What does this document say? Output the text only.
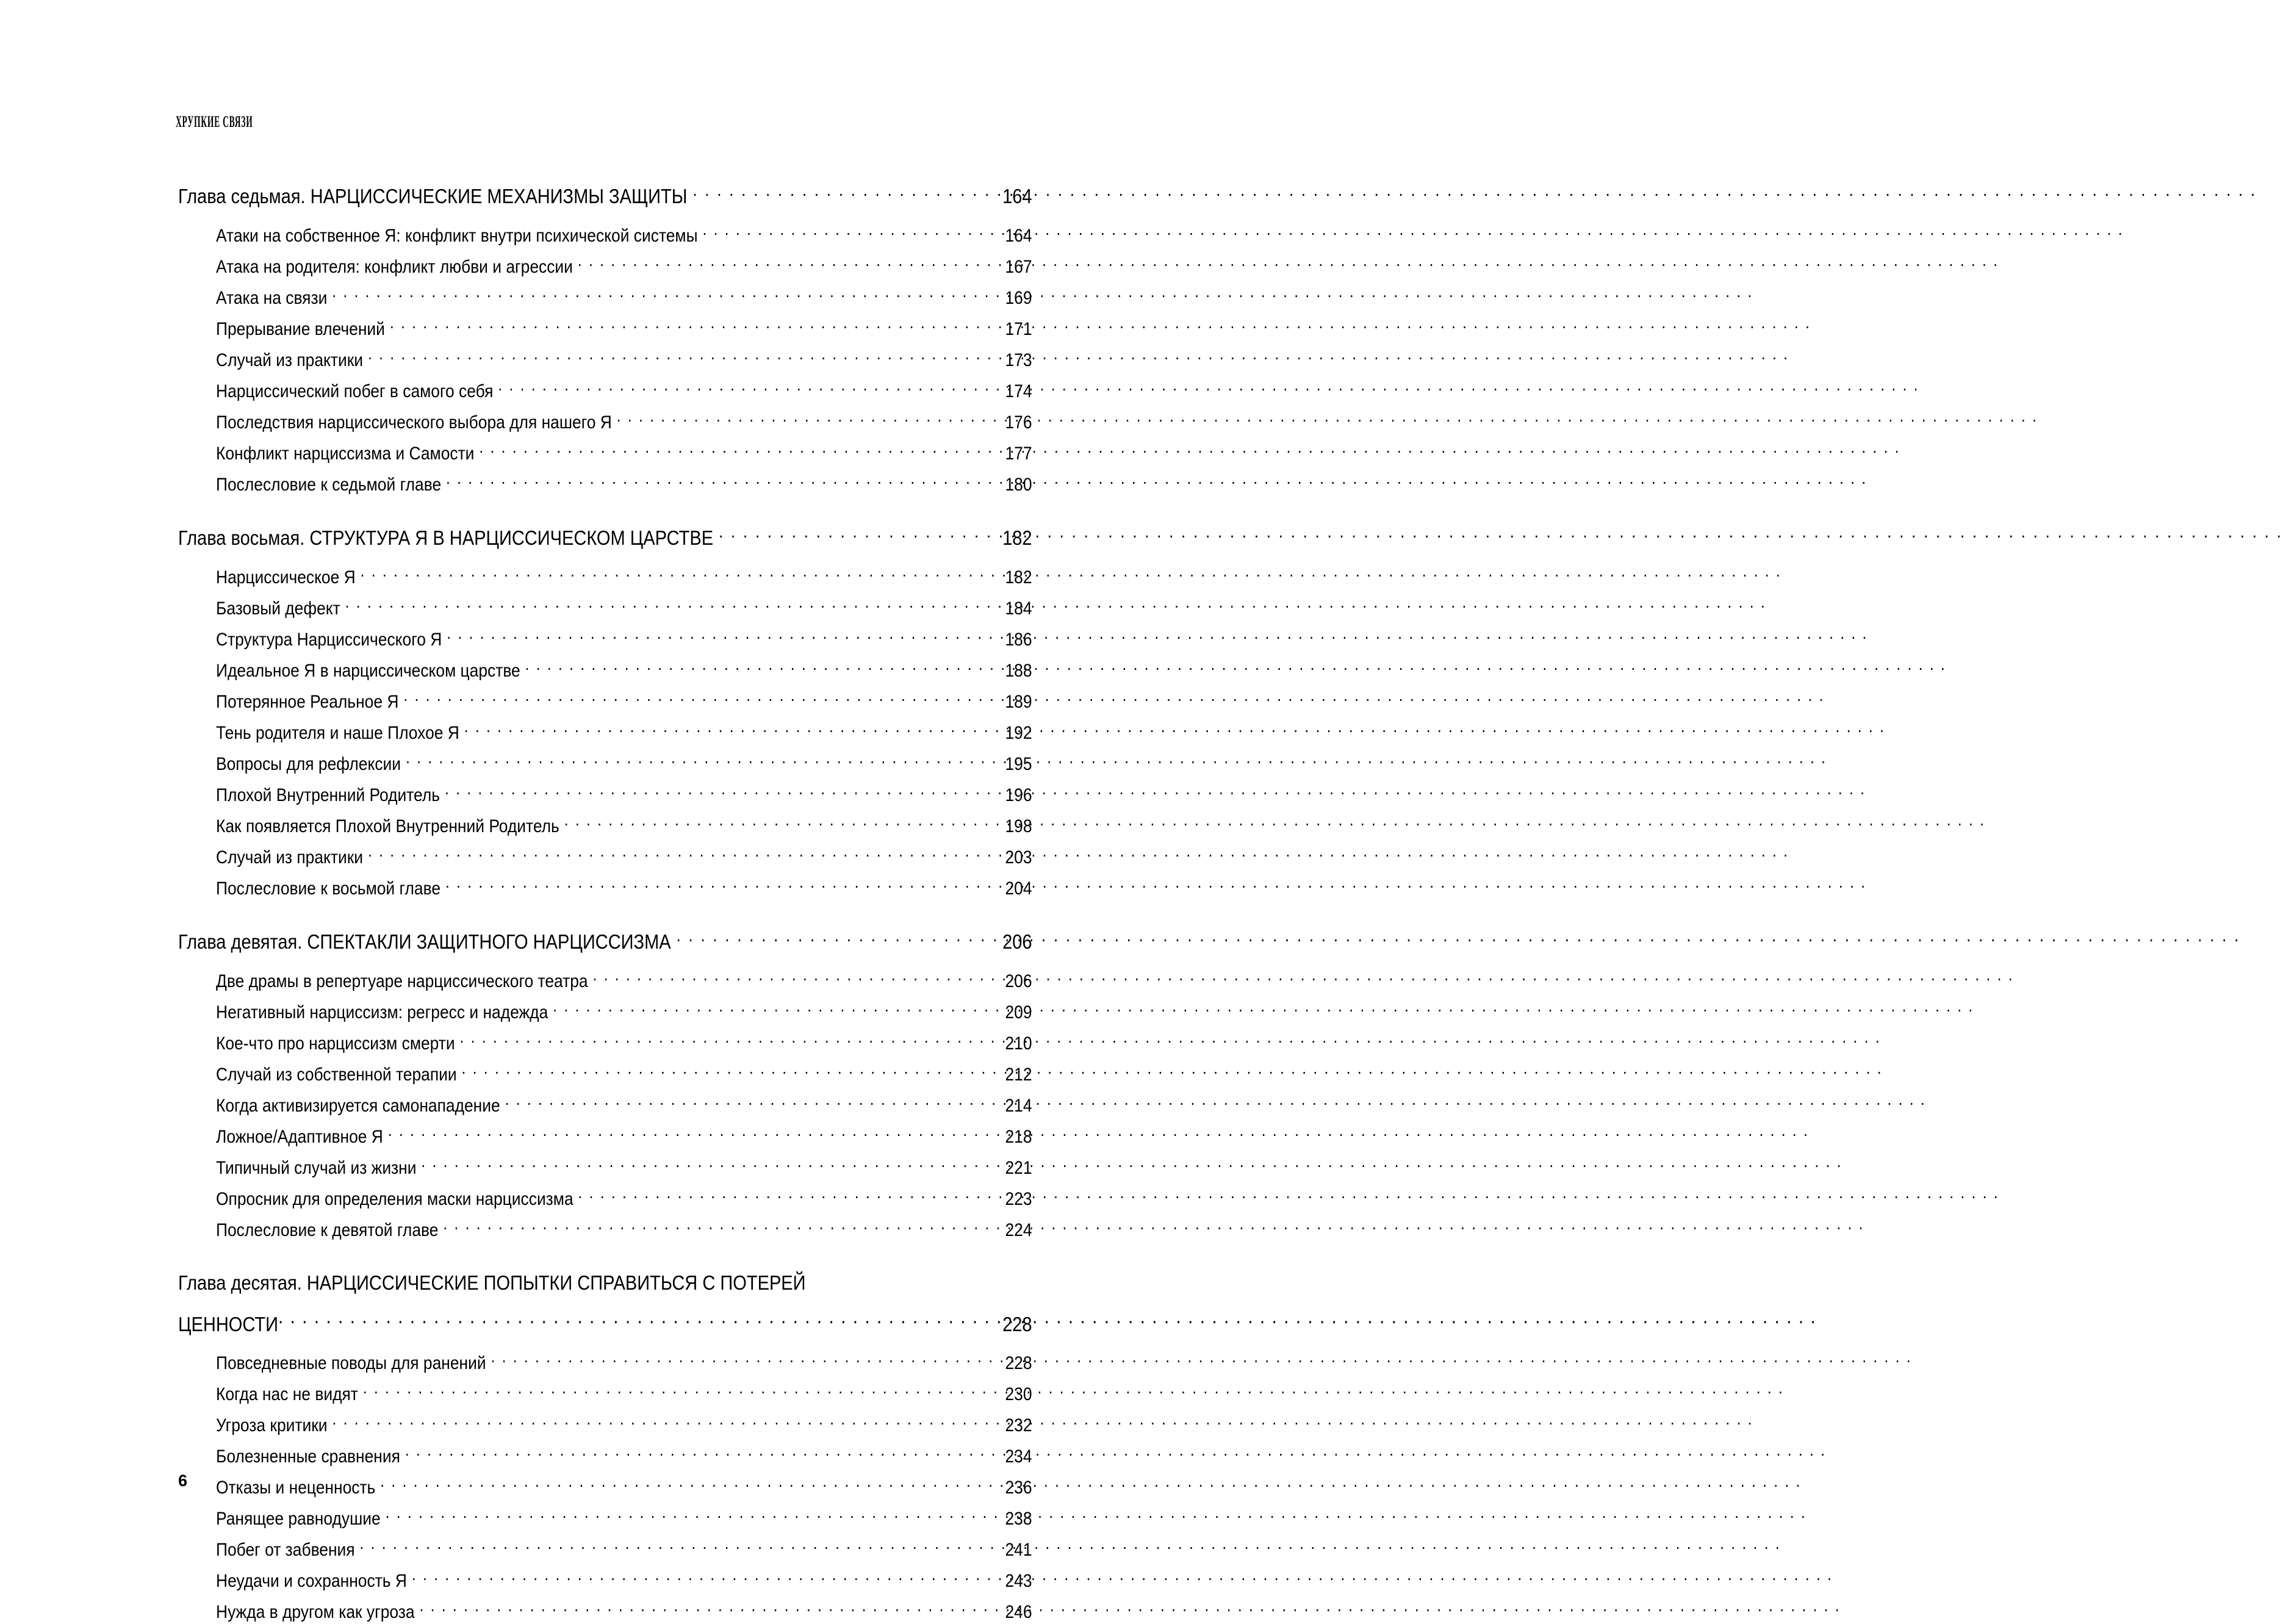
ХРУПКИЕ СВЯЗИ
Глава седьмая. НАРЦИССИЧЕСКИЕ МЕХАНИЗМЫ ЗАЩИТЫ . . .	164
Атаки на собственное Я: конфликт внутри психической системы . . .	164
Атака на родителя: конфликт любви и агрессии . . .	167
Атака на связи . . .	169
Прерывание влечений . . .	171
Случай из практики . . .	173
Нарциссический побег в самого себя . . .	174
Последствия нарциссического выбора для нашего Я . . .	176
Конфликт нарциссизма и Самости . . .	177
Послесловие к седьмой главе . . .	180
Глава восьмая. СТРУКТУРА Я В НАРЦИССИЧЕСКОМ ЦАРСТВЕ . . .	182
Нарциссическое Я . . .	182
Базовый дефект . . .	184
Структура Нарциссического Я . . .	186
Идеальное Я в нарциссическом царстве . . .	188
Потерянное Реальное Я . . .	189
Тень родителя и наше Плохое Я . . .	192
Вопросы для рефлексии . . .	195
Плохой Внутренний Родитель . . .	196
Как появляется Плохой Внутренний Родитель . . .	198
Случай из практики . . .	203
Послесловие к восьмой главе . . .	204
Глава девятая. СПЕКТАКЛИ ЗАЩИТНОГО НАРЦИССИЗМА . . .	206
Две драмы в репертуаре нарциссического театра . . .	206
Негативный нарциссизм: регресс и надежда . . .	209
Кое-что про нарциссизм смерти . . .	210
Случай из собственной терапии . . .	212
Когда активизируется самонападение . . .	214
Ложное/Адаптивное Я . . .	218
Типичный случай из жизни . . .	221
Опросник для определения маски нарциссизма . . .	223
Послесловие к девятой главе . . .	224
Глава десятая. НАРЦИССИЧЕСКИЕ ПОПЫТКИ СПРАВИТЬСЯ С ПОТЕРЕЙ
ЦЕННОСТИ . . .	228
Повседневные поводы для ранений . . .	228
Когда нас не видят . . .	230
Угроза критики . . .	232
Болезненные сравнения . . .	234
Отказы и неценность . . .	236
Ранящее равнодушие . . .	238
Побег от забвения . . .	241
Неудачи и сохранность Я . . .	243
Нужда в другом как угроза . . .	246
6
